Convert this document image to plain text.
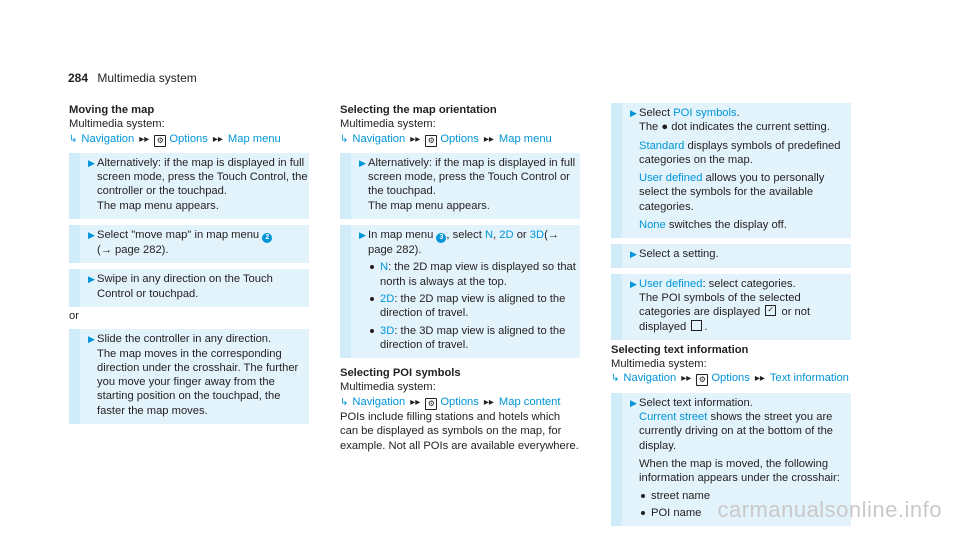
284 Multimedia system

Moving the map

Multimedia system:

↳ Navigation ▸▸ ⚙ Options ▸▸ Map menu

▶ Alternatively: if the map is displayed in full screen mode, press the Touch Control, the controller or the touchpad.

The map menu appears.

▶ Select "move map" in map menu 2
(→ page 282).

▶ Swipe in any direction on the Touch Control or touchpad.

or

▶ Slide the controller in any direction.

The map moves in the corresponding direction under the crosshair. The further you move your finger away from the starting position on the touchpad, the faster the map moves.

Selecting the map orientation

Multimedia system:

↳ Navigation ▸▸ ⚙ Options ▸▸ Map menu

▶ Alternatively: if the map is displayed in full screen mode, press the Touch Control or the touchpad.

The map menu appears.

▶ In map menu 3 , select N, 2D or 3D(→ page 282).

N: the 2D map view is displayed so that north is always at the top.
2D: the 2D map view is aligned to the direction of travel.
3D: the 3D map view is aligned to the direction of travel.

Selecting POI symbols

Multimedia system:

↳ Navigation ▸▸ ⚙ Options ▸▸ Map content

POIs include filling stations and hotels which can be displayed as symbols on the map, for example. Not all POIs are available everywhere.

▶ Select POI symbols.

The ● dot indicates the current setting.

Standard displays symbols of predefined categories on the map.

User defined allows you to personally select the symbols for the available categories.

None switches the display off.

▶ Select a setting.

▶ User defined: select categories.

The POI symbols of the selected categories are displayed ✓ or not displayed .

Selecting text information

Multimedia system:

↳ Navigation ▸▸ ⚙ Options ▸▸ Text information

▶ Select text information.

Current street shows the street you are currently driving on at the bottom of the display.

When the map is moved, the following information appears under the crosshair:

street name
POI name carmanualsonline.info
